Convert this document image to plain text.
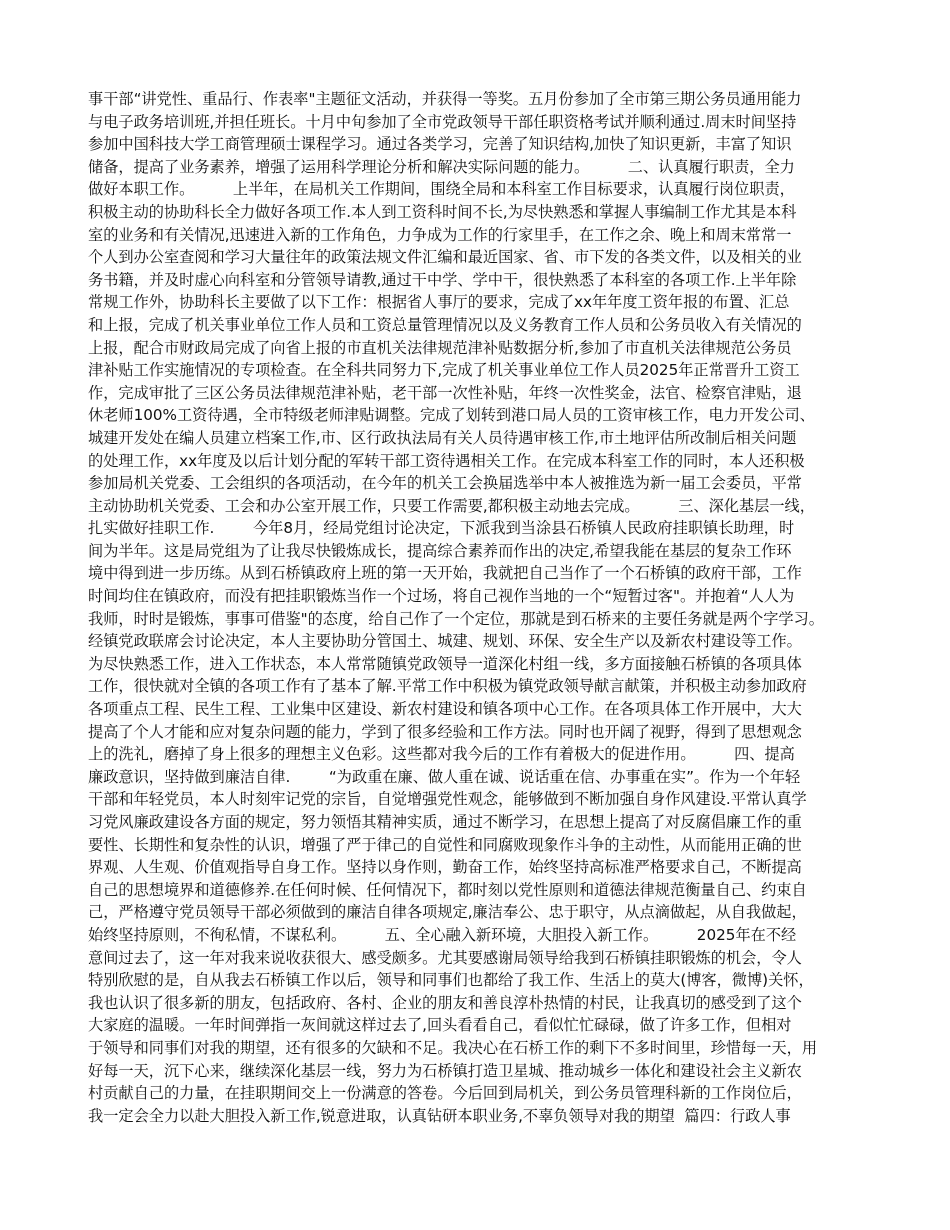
事干部“讲党性、重品行、作表率"主题征文活动，并获得一等奖。五月份参加了全市第三期公务员通用能力
与电子政务培训班,并担任班长。十月中旬参加了全市党政领导干部任职资格考试并顺利通过.周末时间坚持
参加中国科技大学工商管理硕士课程学习。通过各类学习，完善了知识结构,加快了知识更新，丰富了知识
储备，提高了业务素养，增强了运用科学理论分析和解决实际问题的能力。        二、认真履行职责，全力
做好本职工作。        上半年，在局机关工作期间，围绕全局和本科室工作目标要求，认真履行岗位职责，
积极主动的协助科长全力做好各项工作.本人到工资科时间不长,为尽快熟悉和掌握人事编制工作尤其是本科
室的业务和有关情况,迅速进入新的工作角色，力争成为工作的行家里手，在工作之余、晚上和周末常常一
个人到办公室查阅和学习大量往年的政策法规文件汇编和最近国家、省、市下发的各类文件，以及相关的业
务书籍，并及时虚心向科室和分管领导请教,通过干中学、学中干，很快熟悉了本科室的各项工作.上半年除
常规工作外，协助科长主要做了以下工作：根据省人事厅的要求，完成了xx年年度工资年报的布置、汇总
和上报，完成了机关事业单位工作人员和工资总量管理情况以及义务教育工作人员和公务员收入有关情况的
上报，配合市财政局完成了向省上报的市直机关法律规范津补贴数据分析,参加了市直机关法律规范公务员
津补贴工作实施情况的专项检查。在全科共同努力下,完成了机关事业单位工作人员2025年正常晋升工资工
作，完成审批了三区公务员法律规范津补贴，老干部一次性补贴，年终一次性奖金，法官、检察官津贴，退
休老师100%工资待遇，全市特级老师津贴调整。完成了划转到港口局人员的工资审核工作，电力开发公司、
城建开发处在编人员建立档案工作,市、区行政执法局有关人员待遇审核工作,市土地评估所改制后相关问题
的处理工作，xx年度及以后计划分配的军转干部工资待遇相关工作。在完成本科室工作的同时，本人还积极
参加局机关党委、工会组织的各项活动，在今年的机关工会换届选举中本人被推选为新一届工会委员，平常
主动协助机关党委、工会和办公室开展工作，只要工作需要,都积极主动地去完成。        三、深化基层一线，
扎实做好挂职工作.        今年8月，经局党组讨论决定，下派我到当涂县石桥镇人民政府挂职镇长助理，时
间为半年。这是局党组为了让我尽快锻炼成长，提高综合素养而作出的决定,希望我能在基层的复杂工作环
境中得到进一步历练。从到石桥镇政府上班的第一天开始，我就把自己当作了一个石桥镇的政府干部，工作
时间均住在镇政府，而没有把挂职锻炼当作一个过场，将自己视作当地的一个“短暂过客"。并抱着“人人为
我师，时时是锻炼，事事可借鉴"的态度，给自己作了一个定位，那就是到石桥来的主要任务就是两个字学习。
经镇党政联席会讨论决定，本人主要协助分管国土、城建、规划、环保、安全生产以及新农村建设等工作。
为尽快熟悉工作，进入工作状态，本人常常随镇党政领导一道深化村组一线，多方面接触石桥镇的各项具体
工作，很快就对全镇的各项工作有了基本了解.平常工作中积极为镇党政领导献言献策，并积极主动参加政府
各项重点工程、民生工程、工业集中区建设、新农村建设和镇各项中心工作。在各项具体工作开展中，大大
提高了个人才能和应对复杂问题的能力，学到了很多经验和工作方法。同时也开阔了视野，得到了思想观念
上的洗礼，磨掉了身上很多的理想主义色彩。这些都对我今后的工作有着极大的促进作用。        四、提高
廉政意识，坚持做到廉洁自律.        “为政重在廉、做人重在诚、说话重在信、办事重在实”。作为一个年轻
干部和年轻党员，本人时刻牢记党的宗旨，自觉增强党性观念，能够做到不断加强自身作风建设.平常认真学
习党风廉政建设各方面的规定，努力领悟其精神实质，通过不断学习，在思想上提高了对反腐倡廉工作的重
要性、长期性和复杂性的认识，增强了严于律己的自觉性和同腐败现象作斗争的主动性，从而能用正确的世
界观、人生观、价值观指导自身工作。坚持以身作则，勤奋工作，始终坚持高标准严格要求自己，不断提高
自己的思想境界和道德修养.在任何时候、任何情况下，都时刻以党性原则和道德法律规范衡量自己、约束自
己，严格遵守党员领导干部必须做到的廉洁自律各项规定,廉洁奉公、忠于职守，从点滴做起，从自我做起，
始终坚持原则，不徇私情，不谋私利。        五、全心融入新环境，大胆投入新工作。        2025年在不经
意间过去了，这一年对我来说收获很大、感受颇多。尤其要感谢局领导给我到石桥镇挂职锻炼的机会，令人
特别欣慰的是，自从我去石桥镇工作以后，领导和同事们也都给了我工作、生活上的莫大(博客，微博)关怀，
我也认识了很多新的朋友，包括政府、各村、企业的朋友和善良淳朴热情的村民，让我真切的感受到了这个
大家庭的温暖。一年时间弹指一灰间就这样过去了,回头看看自己，看似忙忙碌碌，做了许多工作，但相对
于领导和同事们对我的期望，还有很多的欠缺和不足。我决心在石桥工作的剩下不多时间里，珍惜每一天，用
好每一天，沉下心来，继续深化基层一线，努力为石桥镇打造卫星城、推动城乡一体化和建设社会主义新农
村贡献自己的力量，在挂职期间交上一份满意的答卷。今后回到局机关，到公务员管理科新的工作岗位后，
我一定会全力以赴大胆投入新工作,锐意进取，认真钻研本职业务,不辜负领导对我的期望  篇四：行政人事
